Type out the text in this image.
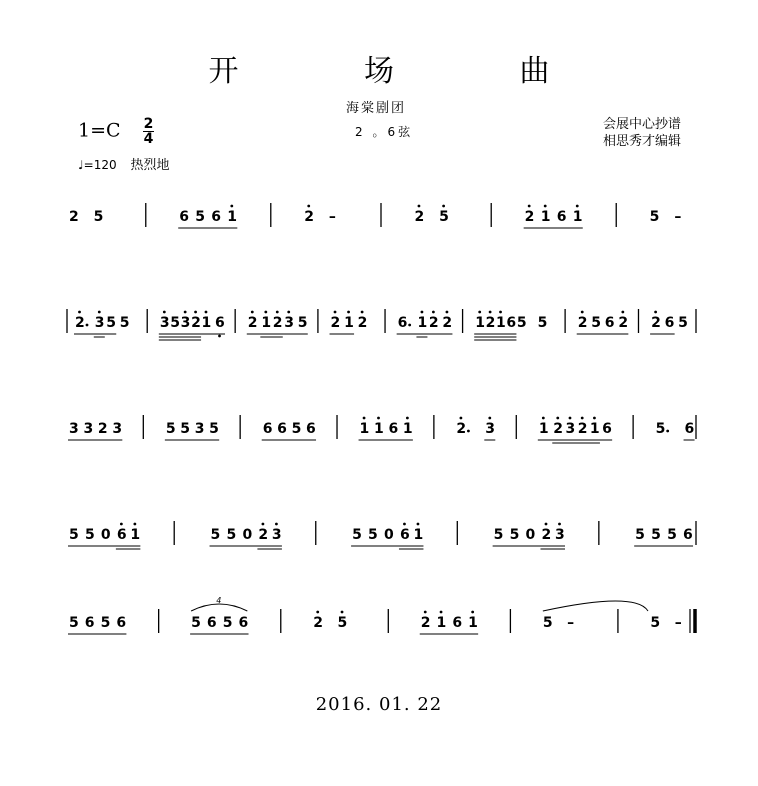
开 场 曲
海棠剧团
2 。6弦
$1=C \frac{2}{4}$
♩=120 热烈地
会展中心抄谱
相思秀才编辑
2 5	6 5 6 1	2 –	2 5	2 1 6 1	5 –
2 3 5 5 3 5 3 2 1 6 2 1 2 3 5 2 1 2 6 1 2 2 1 2 1 6 5 5 2 5 6 2 2 6 5
3 3 2 3	5 5 3 5	6 6 5 6	1 1 6 1	2 3	1 2 3 2 1 6	5 6
5 5 0 6 1	5 5 0 2 3	5 5 0 6 1	5 5 0 2 3	5 5 5 6
5 6 5 6	5 6 5 6
4
2 5	2 1 6 1	5 –	5 –
2016. 01. 22
